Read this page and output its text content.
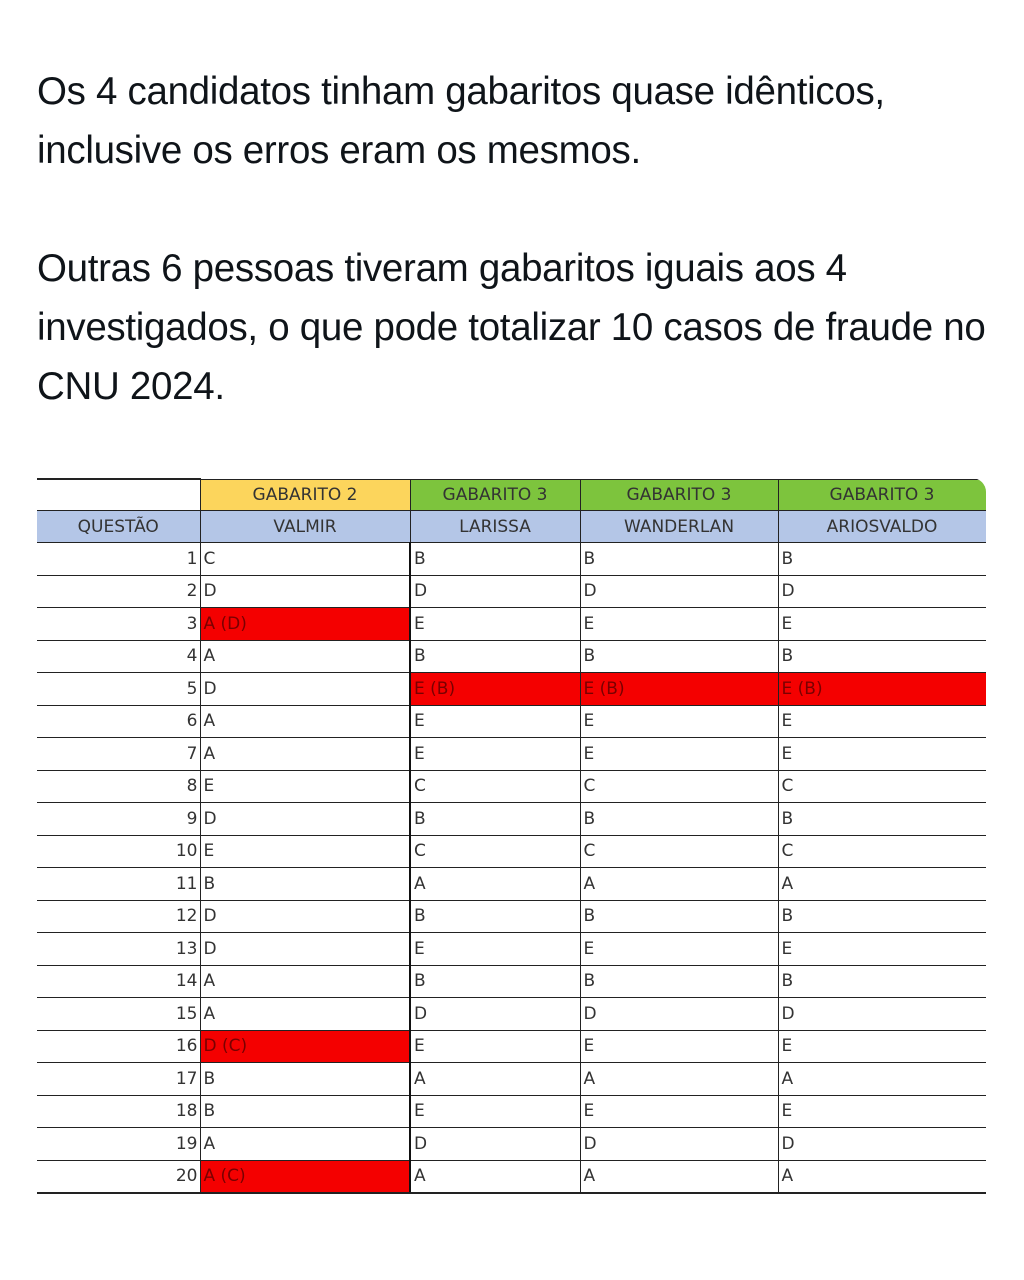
Os 4 candidatos tinham gabaritos quase idênticos, inclusive os erros eram os mesmos.

Outras 6 pessoas tiveram gabaritos iguais aos 4 investigados, o que pode totalizar 10 casos de fraude no CNU 2024.

	GABARITO 2	GABARITO 3	GABARITO 3	GABARITO 3
QUESTÃO	VALMIR	LARISSA	WANDERLAN	ARIOSVALDO
1	C	B	B	B
2	D	D	D	D
3	A (D)	E	E	E
4	A	B	B	B
5	D	E (B)	E (B)	E (B)
6	A	E	E	E
7	A	E	E	E
8	E	C	C	C
9	D	B	B	B
10	E	C	C	C
11	B	A	A	A
12	D	B	B	B
13	D	E	E	E
14	A	B	B	B
15	A	D	D	D
16	D (C)	E	E	E
17	B	A	A	A
18	B	E	E	E
19	A	D	D	D
20	A (C)	A	A	A
